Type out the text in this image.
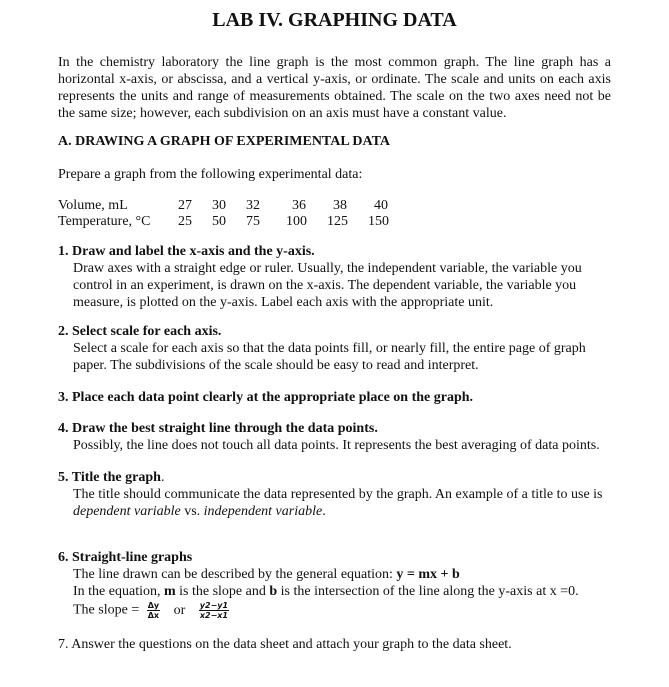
LAB IV. GRAPHING DATA
In the chemistry laboratory the line graph is the most common graph. The line graph has a horizontal x-axis, or abscissa, and a vertical y-axis, or ordinate. The scale and units on each axis represents the units and range of measurements obtained. The scale on the two axes need not be the same size; however, each subdivision on an axis must have a constant value.
A. DRAWING A GRAPH OF EXPERIMENTAL DATA
Prepare a graph from the following experimental data:
Volume, mL	27	30	32	36	38	40
Temperature, °C	25	50	75	100	125	150
1. Draw and label the x-axis and the y-axis.
Draw axes with a straight edge or ruler. Usually, the independent variable, the variable you control in an experiment, is drawn on the x-axis. The dependent variable, the variable you measure, is plotted on the y-axis. Label each axis with the appropriate unit.
2. Select scale for each axis.
Select a scale for each axis so that the data points fill, or nearly fill, the entire page of graph paper. The subdivisions of the scale should be easy to read and interpret.
3. Place each data point clearly at the appropriate place on the graph.
4. Draw the best straight line through the data points.
Possibly, the line does not touch all data points. It represents the best averaging of data points.
5. Title the graph.
The title should communicate the data represented by the graph. An example of a title to use is
dependent variable vs. independent variable.
6. Straight-line graphs
The line drawn can be described by the general equation: y = mx + b
In the equation, m is the slope and b is the intersection of the line along the y-axis at x =0.
The slope = $\frac{\Delta y}{\Delta x}$ or $\frac{y2-y1}{x2-x1}$
7. Answer the questions on the data sheet and attach your graph to the data sheet.
